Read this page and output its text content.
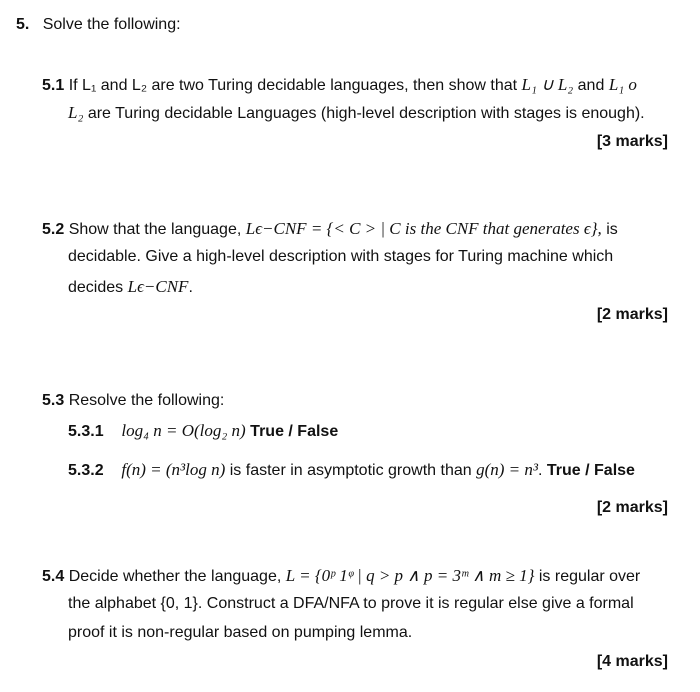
5. Solve the following:
5.1 If L₁ and L₂ are two Turing decidable languages, then show that L₁ ∪ L₂ and L₁ o
L₂ are Turing decidable Languages (high-level description with stages is enough).
[3 marks]
5.2 Show that the language, Lϵ−CNF = {< C > | C is the CNF that generates ϵ}, is
decidable. Give a high-level description with stages for Turing machine which
decides Lϵ−CNF.
[2 marks]
5.3 Resolve the following:
5.3.1 log₄ n = O(log₂ n) True / False
5.3.2 f(n) = (n³log n) is faster in asymptotic growth than g(n) = n³. True / False
[2 marks]
5.4 Decide whether the language, L = {0ᵖ 1ᵠ | q > p ∧ p = 3ᵐ ∧ m ≥ 1} is regular over
the alphabet {0, 1}. Construct a DFA/NFA to prove it is regular else give a formal
proof it is non-regular based on pumping lemma.
[4 marks]
